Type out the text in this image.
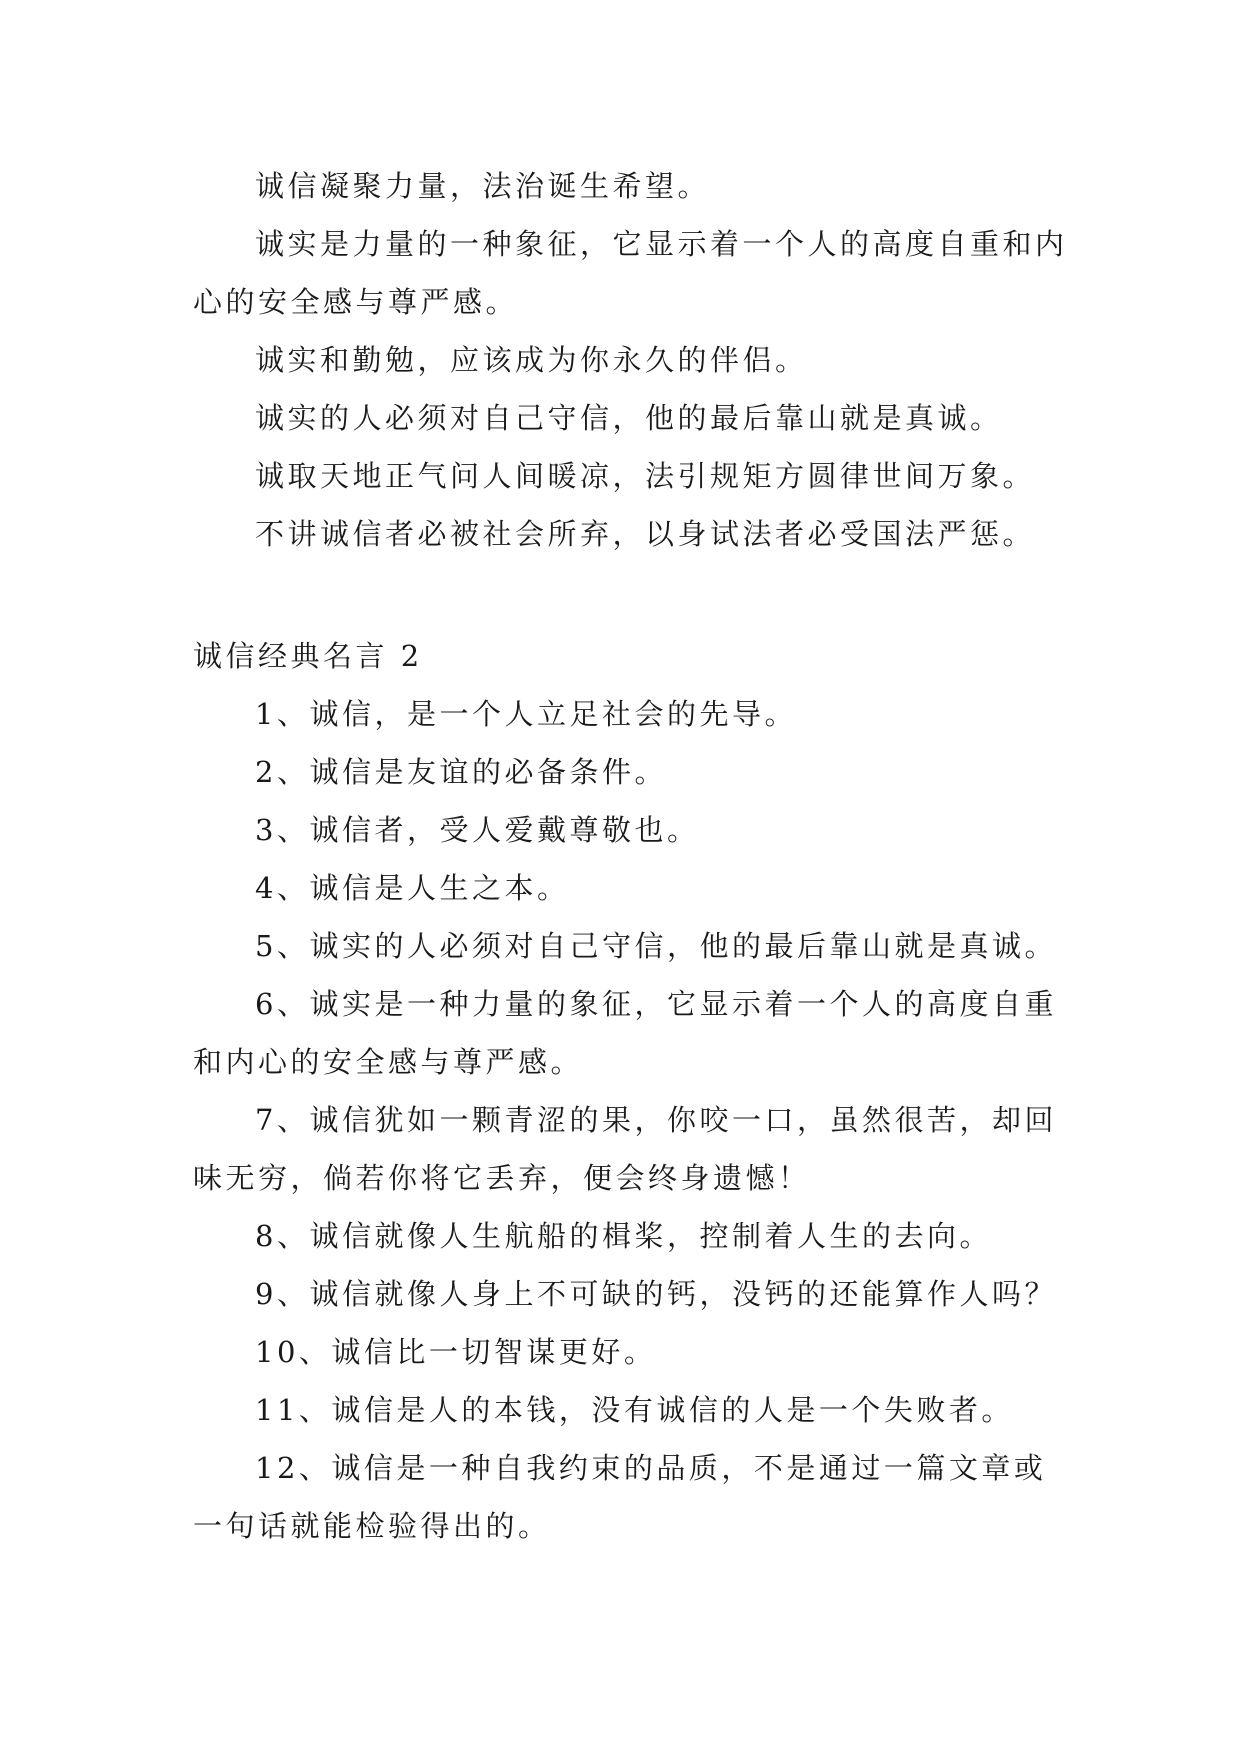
诚信凝聚力量，法治诞生希望。

诚实是力量的一种象征，它显示着一个人的高度自重和内心的安全感与尊严感。

诚实和勤勉，应该成为你永久的伴侣。

诚实的人必须对自己守信，他的最后靠山就是真诚。

诚取天地正气问人间暖凉，法引规矩方圆律世间万象。

不讲诚信者必被社会所弃，以身试法者必受国法严惩。

诚信经典名言 2

1、诚信，是一个人立足社会的先导。

2、诚信是友谊的必备条件。

3、诚信者，受人爱戴尊敬也。

4、诚信是人生之本。

5、诚实的人必须对自己守信，他的最后靠山就是真诚。

6、诚实是一种力量的象征，它显示着一个人的高度自重和内心的安全感与尊严感。

7、诚信犹如一颗青涩的果，你咬一口，虽然很苦，却回味无穷，倘若你将它丢弃，便会终身遗憾！

8、诚信就像人生航船的楫桨，控制着人生的去向。

9、诚信就像人身上不可缺的钙，没钙的还能算作人吗？

10、诚信比一切智谋更好。

11、诚信是人的本钱，没有诚信的人是一个失败者。

12、诚信是一种自我约束的品质，不是通过一篇文章或一句话就能检验得出的。
